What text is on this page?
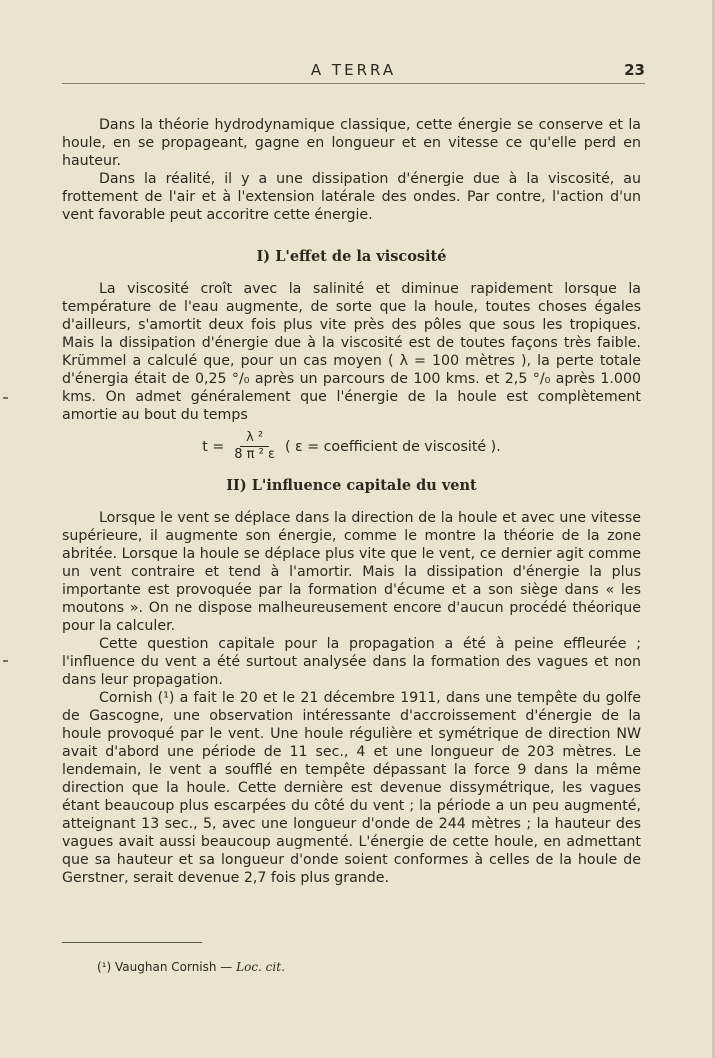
A TERRA	23

Dans la théorie hydrodynamique classique, cette énergie se conserve et la houle, en se propageant, gagne en longueur et en vitesse ce qu'elle perd en hauteur.

Dans la réalité, il y a une dissipation d'énergie due à la viscosité, au frottement de l'air et à l'extension latérale des ondes. Par contre, l'action d'un vent favorable peut accoritre cette énergie.

I) L'effet de la viscosité

La viscosité croît avec la salinité et diminue rapidement lorsque la température de l'eau augmente, de sorte que la houle, toutes choses égales d'ailleurs, s'amortit deux fois plus vite près des pôles que sous les tropiques. Mais la dissipation d'énergie due à la viscosité est de toutes façons très faible. Krümmel a calculé que, pour un cas moyen ( λ = 100 mètres ), la perte totale d'énergia était de 0,25 °/₀ après un parcours de 100 kms. et 2,5 °/₀ après 1.000 kms. On admet généralement que l'énergie de la houle est complètement amortie au bout du temps

$t = \frac{\text{λ ²}}{\text{8 π ² ε}}$ ( ε = coefficient de viscosité ).
II) L'influence capitale du vent

Lorsque le vent se déplace dans la direction de la houle et avec une vitesse supérieure, il augmente son énergie, comme le montre la théorie de la zone abritée. Lorsque la houle se déplace plus vite que le vent, ce dernier agit comme un vent contraire et tend à l'amortir. Mais la dissipation d'énergie la plus importante est provoquée par la formation d'écume et a son siège dans « les moutons ». On ne dispose malheureusement encore d'aucun procédé théorique pour la calculer.

Cette question capitale pour la propagation a été à peine effleurée ; l'influence du vent a été surtout analysée dans la formation des vagues et non dans leur propagation.

Cornish (¹) a fait le 20 et le 21 décembre 1911, dans une tempête du golfe de Gascogne, une observation intéressante d'accroissement d'énergie de la houle provoqué par le vent. Une houle régulière et symétrique de direction NW avait d'abord une période de 11 sec., 4 et une longueur de 203 mètres. Le lendemain, le vent a soufflé en tempête dépassant la force 9 dans la même direction que la houle. Cette dernière est devenue dissymétrique, les vagues étant beaucoup plus escarpées du côté du vent ; la période a un peu augmenté, atteignant 13 sec., 5, avec une longueur d'onde de 244 mètres ; la hauteur des vagues avait aussi beaucoup augmenté. L'énergie de cette houle, en admettant que sa hauteur et sa longueur d'onde soient conformes à celles de la houle de Gerstner, serait devenue 2,7 fois plus grande.

(¹) Vaughan Cornish — Loc. cit.
